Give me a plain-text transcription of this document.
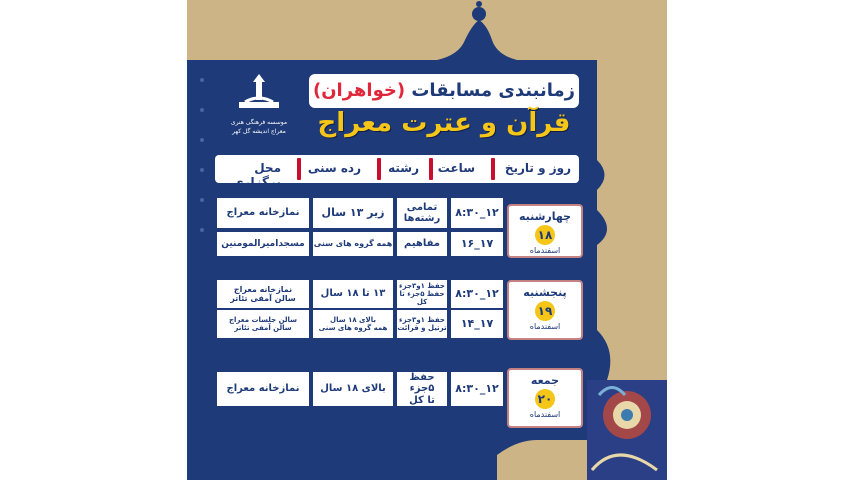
موسسه فرهنگی هنری
معراج اندیشه گل کهر
زمانبندی مسابقات (خواهران)
قرآن و عترت معراج
روز و تاریخ
ساعت
رشته
رده سنی
محل برگزاری
چهارشنبه
۱۸
اسفندماه
۱۲_۸:۳۰
تمامی
رشته‌ها
زیر ۱۳ سال
نمازخانه معراج
۱۷_۱۶
مفاهیم
همه گروه های سنی
مسجدامیرالمومنین
پنجشنبه
۱۹
اسفندماه
۱۲_۸:۳۰
حفظ ۱و۳جزء
حفظ ۵جزء تا کل
۱۳ تا ۱۸ سال
نمازخانه معراج
سالن آمفی تئاتر
۱۷_۱۴
حفظ ۱و۳جزء
ترتیل و قرائت
بالای ۱۸ سال
همه گروه های سنی
سالن جلسات معراج
سالن آمفی تئاتر
جمعه
۲۰
اسفندماه
۱۲_۸:۳۰
حفظ ۵جزء
تا کل
بالای ۱۸ سال
نمازخانه معراج
